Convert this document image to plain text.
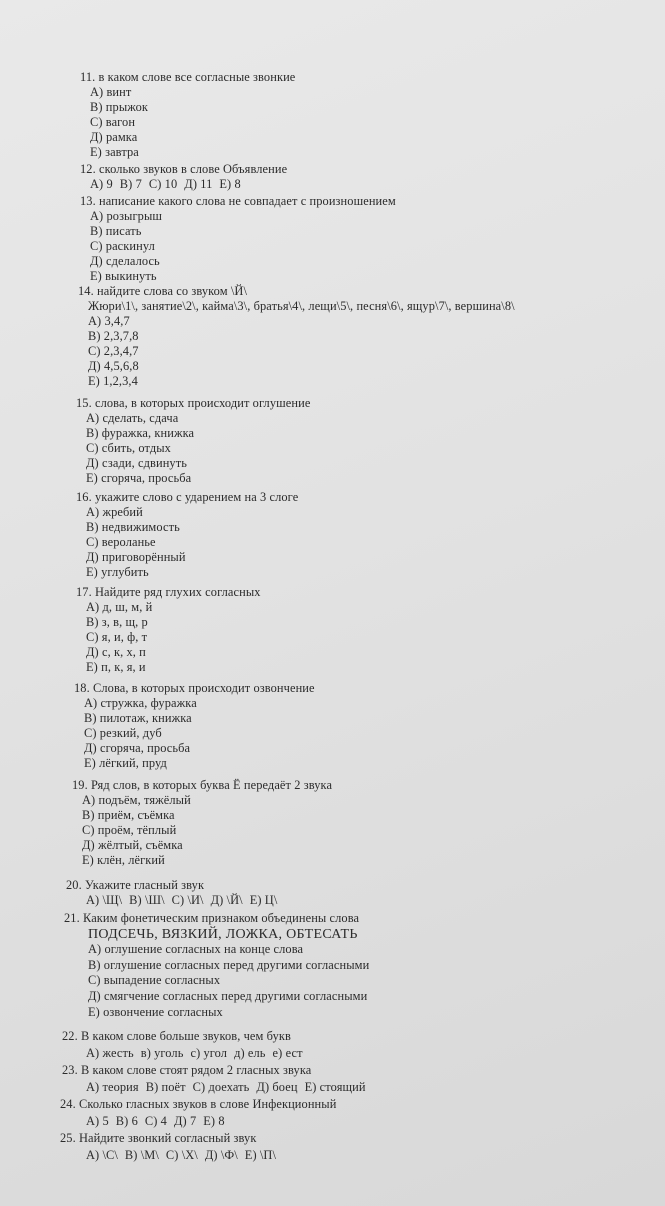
11. в каком слове все согласные звонкие
А) винт
В) прыжок
С) вагон
Д) рамка
Е) завтра
12. сколько звуков в слове Объявление
А) 9 В) 7 С) 10 Д) 11 Е) 8
13. написание какого слова не совпадает с произношением
А) розыгрыш
В) писать
С) раскинул
Д) сделалось
Е) выкинуть
14. найдите слова со звуком \Й\
Жюри\1\, занятие\2\, кайма\3\, братья\4\, лещи\5\, песня\6\, ящур\7\, вершина\8\
А) 3,4,7
В) 2,3,7,8
С) 2,3,4,7
Д) 4,5,6,8
Е) 1,2,3,4
15. слова, в которых происходит оглушение
А) сделать, сдача
В) фуражка, книжка
С) сбить, отдых
Д) сзади, сдвинуть
Е) сгоряча, просьба
16. укажите слово с ударением на 3 слоге
А) жребий
В) недвижимость
С) вероланье
Д) приговорённый
Е) углубить
17. Найдите ряд глухих согласных
А) д, ш, м, й
В) з, в, щ, р
С) я, и, ф, т
Д) с, к, х, п
Е) п, к, я, и
18. Слова, в которых происходит озвончение
А) стружка, фуражка
В) пилотаж, книжка
С) резкий, дуб
Д) сгоряча, просьба
Е) лёгкий, пруд
19. Ряд слов, в которых буква Ё передаёт 2 звука
А) подъём, тяжёлый
В) приём, съёмка
С) проём, тёплый
Д) жёлтый, съёмка
Е) клён, лёгкий
20. Укажите гласный звук
А) \Щ\ В) \Ш\ С) \И\ Д) \Й\ Е) Ц\
21. Каким фонетическим признаком объединены слова
ПОДСЕЧЬ, ВЯЗКИЙ, ЛОЖКА, ОБТЕСАТЬ
А) оглушение согласных на конце слова
В) оглушение согласных перед другими согласными
С) выпадение согласных
Д) смягчение согласных перед другими согласными
Е) озвончение согласных
22. В каком слове больше звуков, чем букв
А) жесть в) уголь с) угол д) ель е) ест
23. В каком слове стоят рядом 2 гласных звука
А) теория В) поёт С) доехать Д) боец Е) стоящий
24. Сколько гласных звуков в слове Инфекционный
А) 5 В) 6 С) 4 Д) 7 Е) 8
25. Найдите звонкий согласный звук
А) \С\ В) \М\ С) \Х\ Д) \Ф\ Е) \П\
